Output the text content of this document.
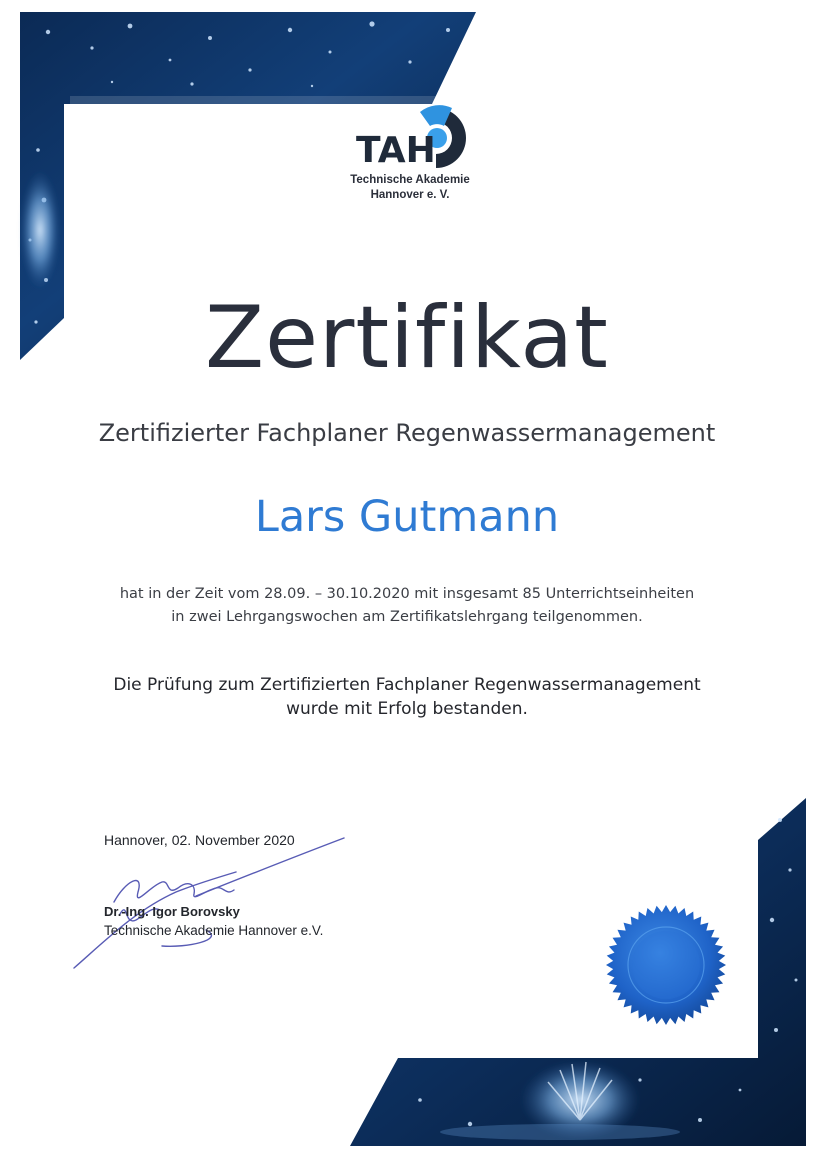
TAH
Technische Akademie
Hannover e. V.
Zertifikat
Zertifizierter Fachplaner Regenwassermanagement
Lars Gutmann
hat in der Zeit vom 28.09. – 30.10.2020 mit insgesamt 85 Unterrichtseinheiten
in zwei Lehrgangswochen am Zertifikatslehrgang teilgenommen.
Die Prüfung zum Zertifizierten Fachplaner Regenwassermanagement
wurde mit Erfolg bestanden.
Hannover, 02. November 2020
Dr.-Ing. Igor Borovsky
Technische Akademie Hannover e.V.
